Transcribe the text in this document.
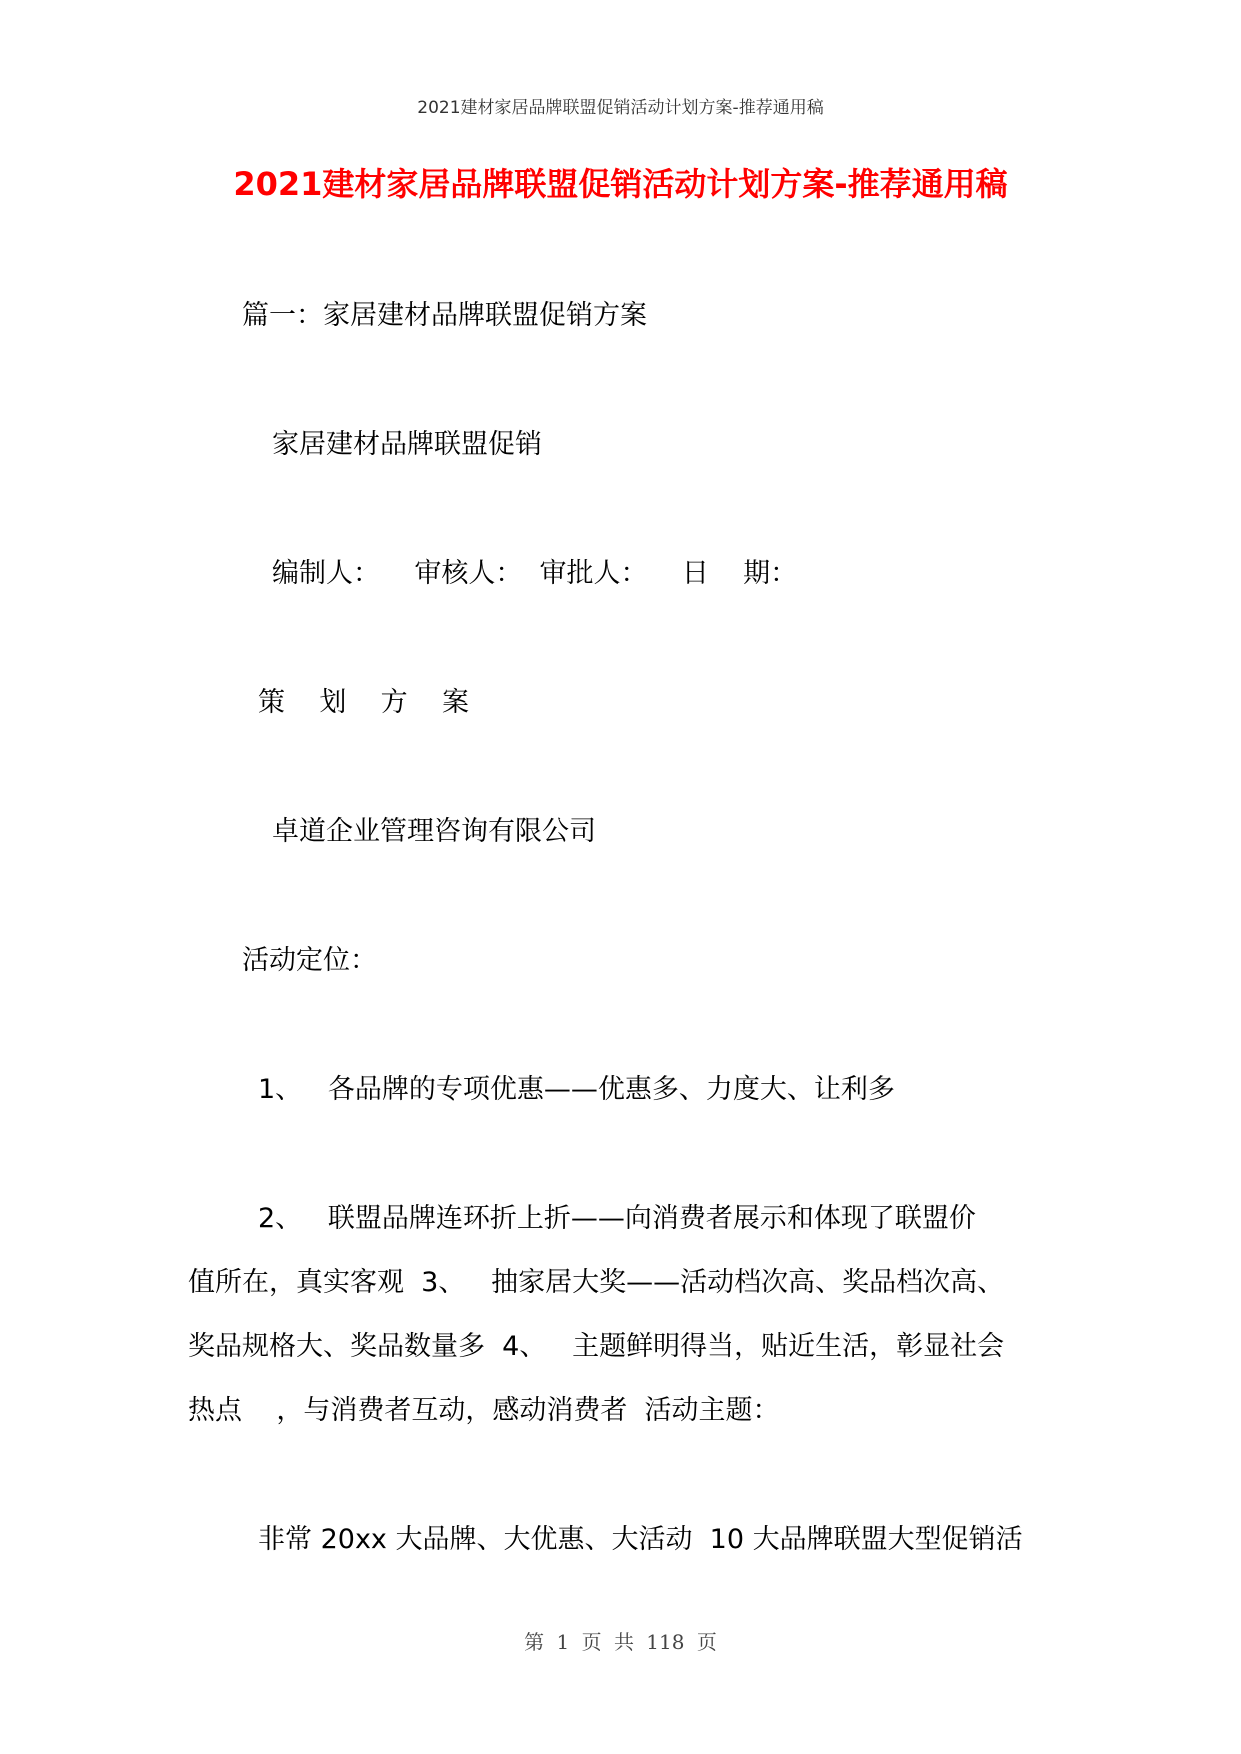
2021建材家居品牌联盟促销活动计划方案-推荐通用稿
2021建材家居品牌联盟促销活动计划方案-推荐通用稿
篇一：家居建材品牌联盟促销方案
家居建材品牌联盟促销
编制人：    审核人：  审批人：    日    期：
策    划    方    案
卓道企业管理咨询有限公司
活动定位：
1、   各品牌的专项优惠——优惠多、力度大、让利多
2、   联盟品牌连环折上折——向消费者展示和体现了联盟价
值所在，真实客观  3、   抽家居大奖——活动档次高、奖品档次高、
奖品规格大、奖品数量多  4、   主题鲜明得当，贴近生活，彰显社会
热点    ，与消费者互动，感动消费者  活动主题：
非常 20xx 大品牌、大优惠、大活动  10 大品牌联盟大型促销活
第 1 页 共 118 页
